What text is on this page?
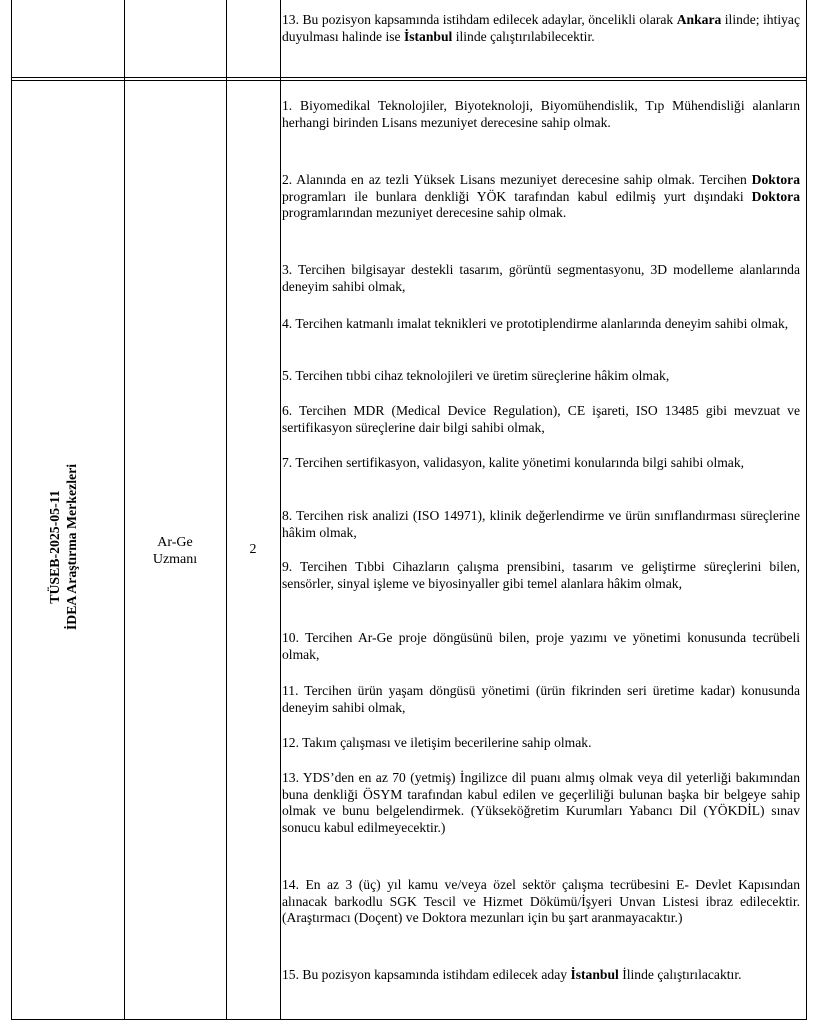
13. Bu pozisyon kapsamında istihdam edilecek adaylar, öncelikli olarak Ankara ilinde; ihtiyaç duyulması halinde ise İstanbul ilinde çalıştırılabilecektir.

TÜSEB-2025-05-11 İDEA Araştırma Merkezleri	Ar-Ge
Uzmanı
2

1. Biyomedikal Teknolojiler, Biyoteknoloji, Biyomühendislik, Tıp Mühendisliği alanların herhangi birinden Lisans mezuniyet derecesine sahip olmak.

2. Alanında en az tezli Yüksek Lisans mezuniyet derecesine sahip olmak. Tercihen Doktora programları ile bunlara denkliği YÖK tarafından kabul edilmiş yurt dışındaki Doktora programlarından mezuniyet derecesine sahip olmak.

3. Tercihen bilgisayar destekli tasarım, görüntü segmentasyonu, 3D modelleme alanlarında deneyim sahibi olmak,

4. Tercihen katmanlı imalat teknikleri ve prototiplendirme alanlarında deneyim sahibi olmak,

5. Tercihen tıbbi cihaz teknolojileri ve üretim süreçlerine hâkim olmak,

6. Tercihen MDR (Medical Device Regulation), CE işareti, ISO 13485 gibi mevzuat ve sertifikasyon süreçlerine dair bilgi sahibi olmak,

7. Tercihen sertifikasyon, validasyon, kalite yönetimi konularında bilgi sahibi olmak,

8. Tercihen risk analizi (ISO 14971), klinik değerlendirme ve ürün sınıflandırması süreçlerine hâkim olmak,

9. Tercihen Tıbbi Cihazların çalışma prensibini, tasarım ve geliştirme süreçlerini bilen, sensörler, sinyal işleme ve biyosinyaller gibi temel alanlara hâkim olmak,

10. Tercihen Ar-Ge proje döngüsünü bilen, proje yazımı ve yönetimi konusunda tecrübeli olmak,

11. Tercihen ürün yaşam döngüsü yönetimi (ürün fikrinden seri üretime kadar) konusunda deneyim sahibi olmak,

12. Takım çalışması ve iletişim becerilerine sahip olmak.

13. YDS’den en az 70 (yetmiş) İngilizce dil puanı almış olmak veya dil yeterliği bakımından buna denkliği ÖSYM tarafından kabul edilen ve geçerliliği bulunan başka bir belgeye sahip olmak ve bunu belgelendirmek. (Yükseköğretim Kurumları Yabancı Dil (YÖKDİL) sınav sonucu kabul edilmeyecektir.)

14. En az 3 (üç) yıl kamu ve/veya özel sektör çalışma tecrübesini E- Devlet Kapısından alınacak barkodlu SGK Tescil ve Hizmet Dökümü/İşyeri Unvan Listesi ibraz edilecektir. (Araştırmacı (Doçent) ve Doktora mezunları için bu şart aranmayacaktır.)

15. Bu pozisyon kapsamında istihdam edilecek aday İstanbul İlinde çalıştırılacaktır.
